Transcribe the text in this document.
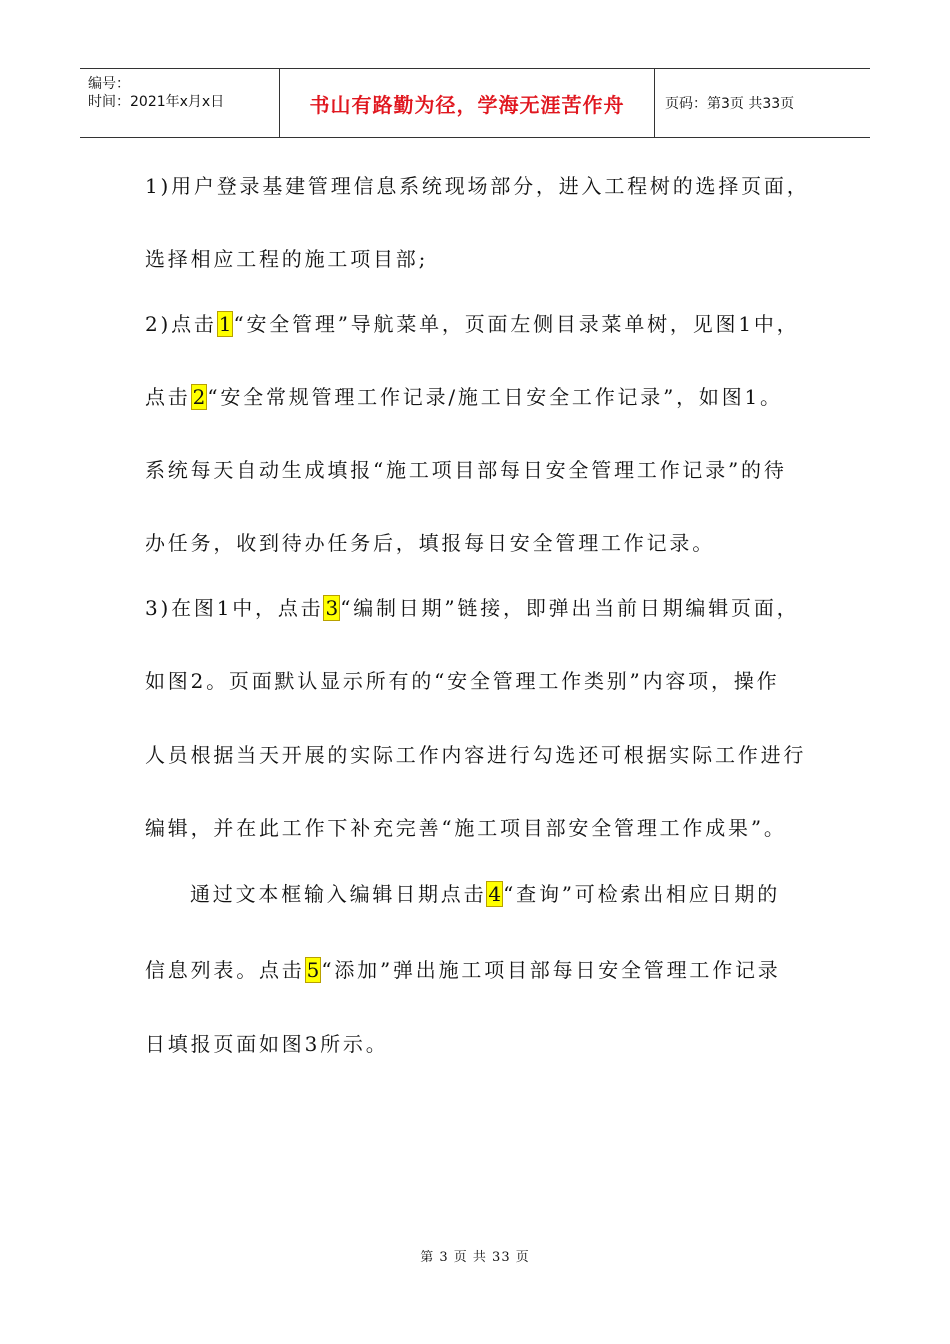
编号：
时间：2021年x月x日	书山有路勤为径，学海无涯苦作舟	页码：第3页 共33页
1)用户登录基建管理信息系统现场部分，进入工程树的选择页面，
选择相应工程的施工项目部;
2)点击 1 “安全管理”导航菜单，页面左侧目录菜单树，见图1中，
点击 2 “安全常规管理工作记录/施工日安全工作记录”，如图1。
系统每天自动生成填报“施工项目部每日安全管理工作记录”的待
办任务，收到待办任务后，填报每日安全管理工作记录。
3)在图1中，点击 3 “编制日期”链接，即弹出当前日期编辑页面，
如图2。页面默认显示所有的“安全管理工作类别”内容项，操作
人员根据当天开展的实际工作内容进行勾选还可根据实际工作进行
编辑，并在此工作下补充完善“施工项目部安全管理工作成果”。
通过文本框输入编辑日期点击 4 “查询”可检索出相应日期的
信息列表。点击 5 “添加”弹出施工项目部每日安全管理工作记录
日填报页面如图3所示。
第 3 页 共 33 页
